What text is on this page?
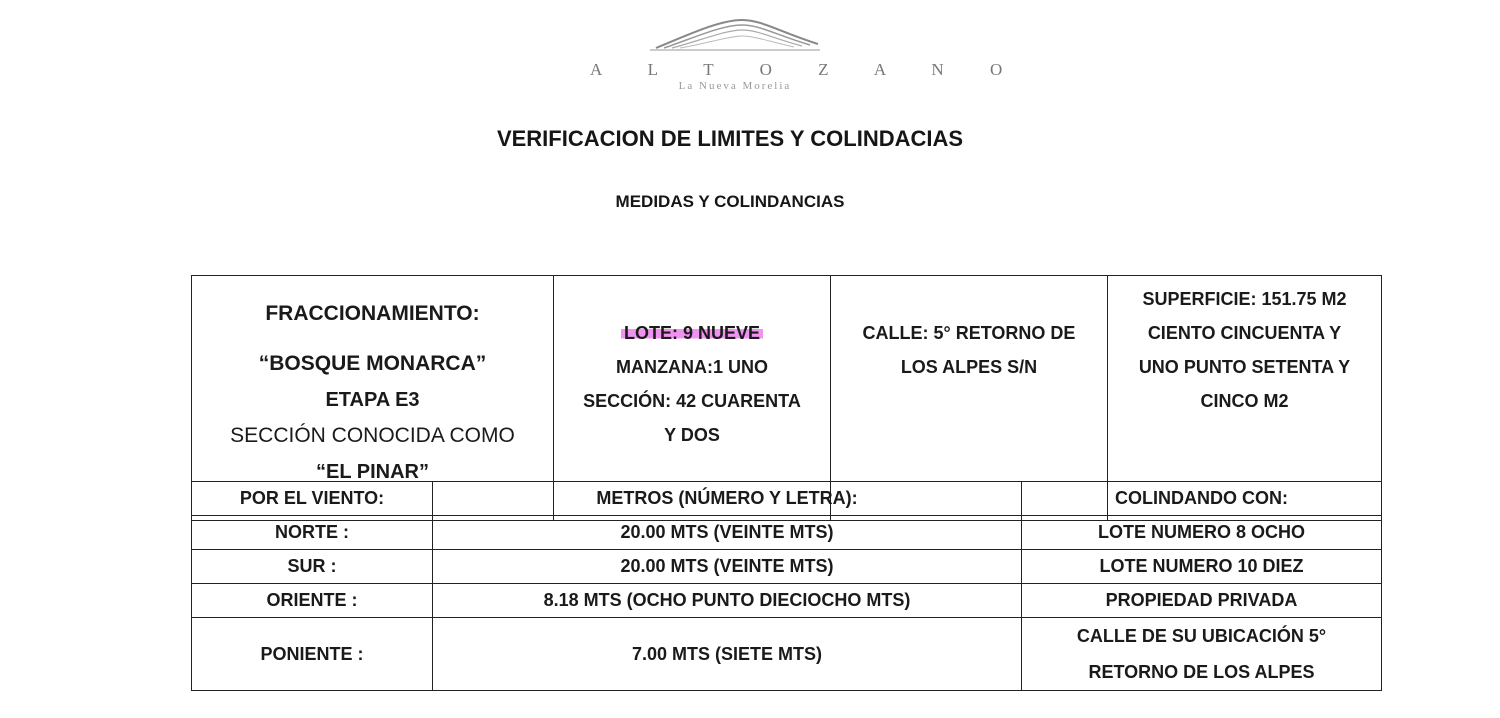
A L T O Z A N O
La Nueva Morelia
VERIFICACION DE LIMITES Y COLINDACIAS
MEDIDAS Y COLINDANCIAS
FRACCIONAMIENTO:
“BOSQUE MONARCA”
ETAPA E3
SECCIÓN CONOCIDA COMO
“EL PINAR”

LOTE: 9 NUEVE
MANZANA:1 UNO
SECCIÓN: 42 CUARENTA
Y DOS

CALLE: 5° RETORNO DE
LOS ALPES S/N

SUPERFICIE: 151.75 M2
CIENTO CINCUENTA Y
UNO PUNTO SETENTA Y
CINCO M2
POR EL VIENTO:	METROS (NÚMERO Y LETRA):	COLINDANDO CON:
NORTE :	20.00 MTS (VEINTE MTS)	LOTE NUMERO 8 OCHO
SUR :	20.00 MTS (VEINTE MTS)	LOTE NUMERO 10 DIEZ
ORIENTE :	8.18 MTS (OCHO PUNTO DIECIOCHO MTS)	PROPIEDAD PRIVADA
PONIENTE :	7.00 MTS (SIETE MTS)	CALLE DE SU UBICACIÓN 5°
RETORNO DE LOS ALPES
